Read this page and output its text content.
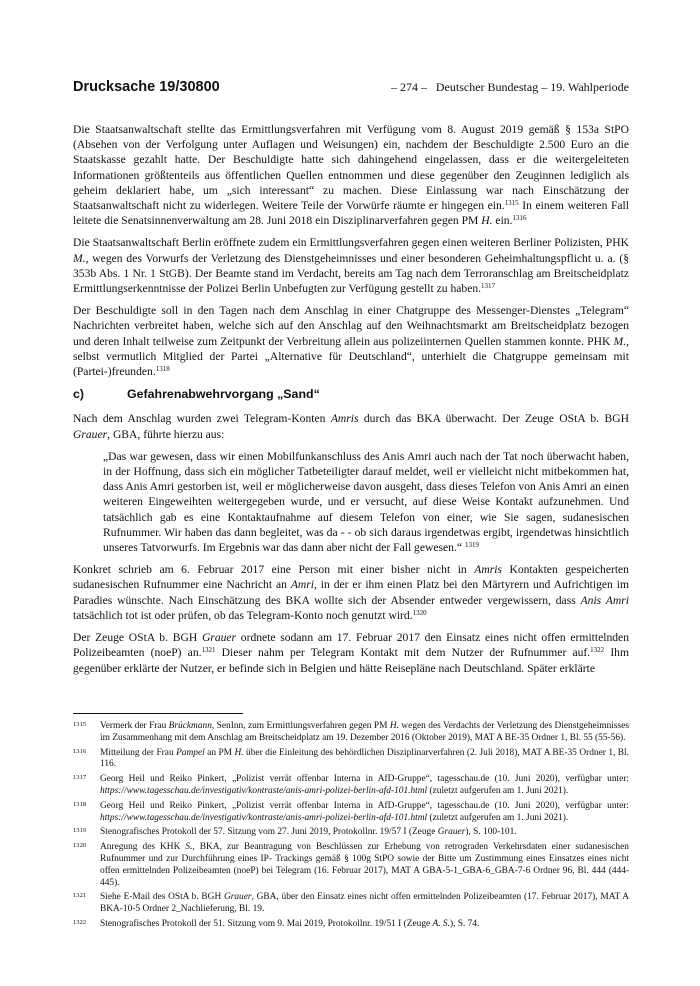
Drucksache 19/30800	– 274 – Deutscher Bundestag – 19. Wahlperiode

Die Staatsanwaltschaft stellte das Ermittlungsverfahren mit Verfügung vom 8. August 2019 gemäß § 153a StPO (Absehen von der Verfolgung unter Auflagen und Weisungen) ein, nachdem der Beschuldigte 2.500 Euro an die Staatskasse gezahlt hatte. Der Beschuldigte hatte sich dahingehend eingelassen, dass er die weitergeleiteten Informationen größtenteils aus öffentlichen Quellen entnommen und diese gegenüber den Zeuginnen lediglich als geheim deklariert habe, um „sich interessant“ zu machen. Diese Einlassung war nach Einschätzung der Staatsanwaltschaft nicht zu widerlegen. Weitere Teile der Vorwürfe räumte er hingegen ein.$^{1315}$ In einem weiteren Fall leitete die Senatsinnenverwaltung am 28. Juni 2018 ein Disziplinarverfahren gegen PM H. ein.$^{1316}$

Die Staatsanwaltschaft Berlin eröffnete zudem ein Ermittlungsverfahren gegen einen weiteren Berliner Polizisten, PHK M., wegen des Vorwurfs der Verletzung des Dienstgeheimnisses und einer besonderen Geheimhaltungspflicht u. a. (§ 353b Abs. 1 Nr. 1 StGB). Der Beamte stand im Verdacht, bereits am Tag nach dem Terroranschlag am Breitscheidplatz Ermittlungserkenntnisse der Polizei Berlin Unbefugten zur Verfügung gestellt zu haben.$^{1317}$

Der Beschuldigte soll in den Tagen nach dem Anschlag in einer Chatgruppe des Messenger-Dienstes „Telegram“ Nachrichten verbreitet haben, welche sich auf den Anschlag auf den Weihnachtsmarkt am Breitscheidplatz bezogen und deren Inhalt teilweise zum Zeitpunkt der Verbreitung allein aus polizeiinternen Quellen stammen konnte. PHK M., selbst vermutlich Mitglied der Partei „Alternative für Deutschland“, unterhielt die Chatgruppe gemeinsam mit (Partei-)freunden.$^{1318}$

c)	Gefahrenabwehrvorgang „Sand“

Nach dem Anschlag wurden zwei Telegram-Konten Amris durch das BKA überwacht. Der Zeuge OStA b. BGH Grauer, GBA, führte hierzu aus:

„Das war gewesen, dass wir einen Mobilfunkanschluss des Anis Amri auch nach der Tat noch überwacht haben, in der Hoffnung, dass sich ein möglicher Tatbeteiligter darauf meldet, weil er vielleicht nicht mitbekommen hat, dass Anis Amri gestorben ist, weil er möglicherweise davon ausgeht, dass dieses Telefon von Anis Amri an einen weiteren Eingeweihten weitergegeben wurde, und er versucht, auf diese Weise Kontakt aufzunehmen. Und tatsächlich gab es eine Kontaktaufnahme auf diesem Telefon von einer, wie Sie sagen, sudanesischen Rufnummer. Wir haben das dann begleitet, was da - - ob sich daraus irgendetwas ergibt, irgendetwas hinsichtlich unseres Tatvorwurfs. Im Ergebnis war das dann aber nicht der Fall gewesen.“ $^{1319}$

Konkret schrieb am 6. Februar 2017 eine Person mit einer bisher nicht in Amris Kontakten gespeicherten sudanesischen Rufnummer eine Nachricht an Amri, in der er ihm einen Platz bei den Märtyrern und Aufrichtigen im Paradies wünschte. Nach Einschätzung des BKA wollte sich der Absender entweder vergewissern, dass Anis Amri tatsächlich tot ist oder prüfen, ob das Telegram-Konto noch genutzt wird.$^{1320}$

Der Zeuge OStA b. BGH Grauer ordnete sodann am 17. Februar 2017 den Einsatz eines nicht offen ermittelnden Polizeibeamten (noeP) an.$^{1321}$ Dieser nahm per Telegram Kontakt mit dem Nutzer der Rufnummer auf.$^{1322}$ Ihm gegenüber erklärte der Nutzer, er befinde sich in Belgien und hätte Reisepläne nach Deutschland. Später erklärte

1315 Vermerk der Frau Brückmann, SenInn, zum Ermittlungsverfahren gegen PM H. wegen des Verdachts der Verletzung des Dienstgeheimnisses im Zusammenhang mit dem Anschlag am Breitscheidplatz am 19. Dezember 2016 (Oktober 2019), MAT A BE-35 Ordner 1, Bl. 55 (55-56).
1316 Mitteilung der Frau Pampel an PM H. über die Einleitung des behördlichen Disziplinarverfahren (2. Juli 2018), MAT A BE-35 Ordner 1, Bl. 116.
1317 Georg Heil und Reiko Pinkert, „Polizist verrät offenbar Interna in AfD-Gruppe“, tagesschau.de (10. Juni 2020), verfügbar unter: https://www.tagesschau.de/investigativ/kontraste/anis-amri-polizei-berlin-afd-101.html (zuletzt aufgerufen am 1. Juni 2021).
1318 Georg Heil und Reiko Pinkert, „Polizist verrät offenbar Interna in AfD-Gruppe“, tagesschau.de (10. Juni 2020), verfügbar unter: https://www.tagesschau.de/investigativ/kontraste/anis-amri-polizei-berlin-afd-101.html (zuletzt aufgerufen am 1. Juni 2021).
1319 Stenografisches Protokoll der 57. Sitzung vom 27. Juni 2019, Protokollnr. 19/57 I (Zeuge Grauer), S. 100-101.
1320 Anregung des KHK S., BKA, zur Beantragung von Beschlüssen zur Erhebung von retrograden Verkehrsdaten einer sudanesischen Rufnummer und zur Durchführung eines IP- Trackings gemäß § 100g StPO sowie der Bitte um Zustimmung eines Einsatzes eines nicht offen ermittelnden Polizeibeamten (noeP) bei Telegram (16. Februar 2017), MAT A GBA-5-1_GBA-6_GBA-7-6 Ordner 96, Bl. 444 (444-445).
1321 Siehe E-Mail des OStA b. BGH Grauer, GBA, über den Einsatz eines nicht offen ermittelnden Polizeibeamten (17. Februar 2017), MAT A BKA-10-5 Ordner 2_Nachlieferung, Bl. 19.
1322 Stenografisches Protokoll der 51. Sitzung vom 9. Mai 2019, Protokollnr. 19/51 I (Zeuge A. S.), S. 74.
